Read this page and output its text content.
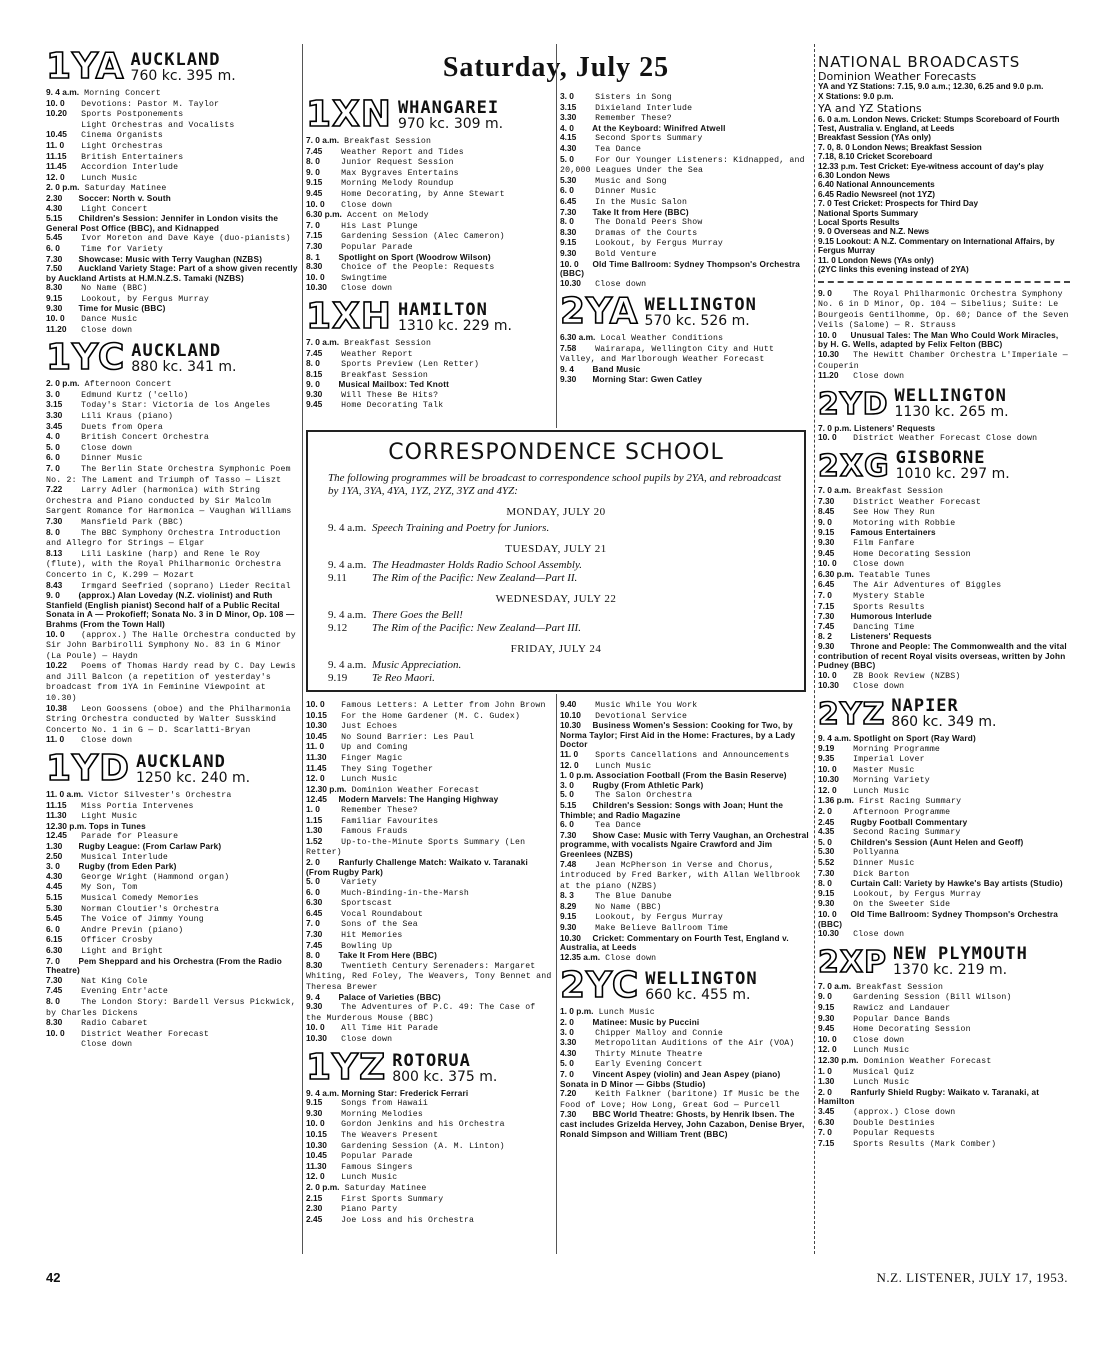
Saturday, July 25
1YA AUCKLAND
760 kc. 395 m.
9. 4 a.m. Morning Concert
10. 0 Devotions: Pastor M. Taylor
10.20 Sports Postponements
Light Orchestras and Vocalists
10.45 Cinema Organists
11. 0 Light Orchestras
11.15 British Entertainers
11.45 Accordion Interlude
12. 0 Lunch Music
2. 0 p.m. Saturday Matinee
2.30 Soccer: North v. South
4.30 Light Concert
5.15 Children's Session: Jennifer in London visits the General Post Office (BBC), and Kidnapped
5.45 Ivor Moreton and Dave Kaye (duo-pianists)
6. 0 Time for Variety
7.30 Showcase: Music with Terry Vaughan (NZBS)
7.50 Auckland Variety Stage: Part of a show given recently by Auckland Artists at H.M.N.Z.S. Tamaki (NZBS)
8.30 No Name (BBC)
9.15 Lookout, by Fergus Murray
9.30 Time for Music (BBC)
10. 0 Dance Music
11.20 Close down
1YC AUCKLAND
880 kc. 341 m.
2. 0 p.m. Afternoon Concert
3. 0 Edmund Kurtz ('cello)
3.15 Today's Star: Victoria de los Angeles
3.30 Lili Kraus (piano)
3.45 Duets from Opera
4. 0 British Concert Orchestra
5. 0 Close down
6. 0 Dinner Music
7. 0 The Berlin State Orchestra Symphonic Poem No. 2: The Lament and Triumph of Tasso — Liszt
7.22 Larry Adler (harmonica) with String Orchestra and Piano conducted by Sir Malcolm Sargent Romance for Harmonica — Vaughan Williams
7.30 Mansfield Park (BBC)
8. 0 The BBC Symphony Orchestra Introduction and Allegro for Strings — Elgar
8.13 Lili Laskine (harp) and Rene le Roy (flute), with the Royal Philharmonic Orchestra Concerto in C, K.299 — Mozart
8.43 Irmgard Seefried (soprano) Lieder Recital
9. 0 (approx.) Alan Loveday (N.Z. violinist) and Ruth Stanfield (English pianist) Second half of a Public Recital Sonata in A — Prokofieff; Sonata No. 3 in D Minor, Op. 108 — Brahms (From the Town Hall)
10. 0 (approx.) The Halle Orchestra conducted by Sir John Barbirolli Symphony No. 83 in G Minor (La Poule) — Haydn
10.22 Poems of Thomas Hardy read by C. Day Lewis and Jill Balcon (a repetition of yesterday's broadcast from 1YA in Feminine Viewpoint at 10.30)
10.38 Leon Goossens (oboe) and the Philharmonia String Orchestra conducted by Walter Susskind Concerto No. 1 in G — D. Scarlatti-Bryan
11. 0 Close down
1YD AUCKLAND
1250 kc. 240 m.
11. 0 a.m. Victor Silvester's Orchestra
11.15 Miss Portia Intervenes
11.30 Light Music
12.30 p.m. Tops in Tunes
12.45 Parade for Pleasure
1.30 Rugby League: (From Carlaw Park)
2.50 Musical Interlude
3. 0 Rugby (from Eden Park)
4.30 George Wright (Hammond organ)
4.45 My Son, Tom
5.15 Musical Comedy Memories
5.30 Norman Cloutier's Orchestra
5.45 The Voice of Jimmy Young
6. 0 Andre Previn (piano)
6.15 Officer Crosby
6.30 Light and Bright
7. 0 Pem Sheppard and his Orchestra (From the Radio Theatre)
7.30 Nat King Cole
7.45 Evening Entr'acte
8. 0 The London Story: Bardell Versus Pickwick, by Charles Dickens
8.30 Radio Cabaret
10. 0 District Weather Forecast
Close down
1XN WHANGAREI
970 kc. 309 m.
7. 0 a.m. Breakfast Session
7.45 Weather Report and Tides
8. 0 Junior Request Session
9. 0 Max Bygraves Entertains
9.15 Morning Melody Roundup
9.45 Home Decorating, by Anne Stewart
10. 0 Close down
6.30 p.m. Accent on Melody
7. 0 His Last Plunge
7.15 Gardening Session (Alec Cameron)
7.30 Popular Parade
8. 1 Spotlight on Sport (Woodrow Wilson)
8.30 Choice of the People: Requests
10. 0 Swingtime
10.30 Close down
1XH HAMILTON
1310 kc. 229 m.
7. 0 a.m. Breakfast Session
7.45 Weather Report
8. 0 Sports Preview (Len Retter)
8.15 Breakfast Session
9. 0 Musical Mailbox: Ted Knott
9.30 Will These Be Hits?
9.45 Home Decorating Talk
3. 0 Sisters in Song
3.15 Dixieland Interlude
3.30 Remember These?
4. 0 At the Keyboard: Winifred Atwell
4.15 Second Sports Summary
4.30 Tea Dance
5. 0 For Our Younger Listeners: Kidnapped, and 20,000 Leagues Under the Sea
5.30 Music and Song
6. 0 Dinner Music
6.45 In the Music Salon
7.30 Take It from Here (BBC)
8. 0 The Donald Peers Show
8.30 Dramas of the Courts
9.15 Lookout, by Fergus Murray
9.30 Bold Venture
10. 0 Old Time Ballroom: Sydney Thompson's Orchestra (BBC)
10.30 Close down
2YA WELLINGTON
570 kc. 526 m.
6.30 a.m. Local Weather Conditions
7.58 Wairarapa, Wellington City and Hutt Valley, and Marlborough Weather Forecast
9. 4 Band Music
9.30 Morning Star: Gwen Catley
CORRESPONDENCE SCHOOL

The following programmes will be broadcast to correspondence school pupils by 2YA, and rebroadcast by 1YA, 3YA, 4YA, 1YZ, 2YZ, 3YZ and 4YZ:

MONDAY, JULY 20

9. 4 a.m. Speech Training and Poetry for Juniors.

TUESDAY, JULY 21

9. 4 a.m. The Headmaster Holds Radio School Assembly.

9.11 The Rim of the Pacific: New Zealand—Part II.

WEDNESDAY, JULY 22

9. 4 a.m. There Goes the Bell!

9.12 The Rim of the Pacific: New Zealand—Part III.

FRIDAY, JULY 24

9. 4 a.m. Music Appreciation.

9.19 Te Reo Maori.

10. 0 Famous Letters: A Letter from John Brown
10.15 For the Home Gardener (M. C. Gudex)
10.30 Just Echoes
10.45 No Sound Barrier: Les Paul
11. 0 Up and Coming
11.30 Finger Magic
11.45 They Sing Together
12. 0 Lunch Music
12.30 p.m. Dominion Weather Forecast
12.45 Modern Marvels: The Hanging Highway
1. 0 Remember These?
1.15 Familiar Favourites
1.30 Famous Frauds
1.52 Up-to-the-Minute Sports Summary (Len Retter)
2. 0 Ranfurly Challenge Match: Waikato v. Taranaki (From Rugby Park)
5. 0 Variety
6. 0 Much-Binding-in-the-Marsh
6.30 Sportscast
6.45 Vocal Roundabout
7. 0 Sons of the Sea
7.30 Hit Memories
7.45 Bowling Up
8. 0 Take It From Here (BBC)
8.30 Twentieth Century Serenaders: Margaret Whiting, Red Foley, The Weavers, Tony Bennet and Theresa Brewer
9. 4 Palace of Varieties (BBC)
9.30 The Adventures of P.C. 49: The Case of the Murderous Mouse (BBC)
10. 0 All Time Hit Parade
10.30 Close down
1YZ ROTORUA
800 kc. 375 m.
9. 4 a.m. Morning Star: Frederick Ferrari
9.15 Songs from Hawaii
9.30 Morning Melodies
10. 0 Gordon Jenkins and his Orchestra
10.15 The Weavers Present
10.30 Gardening Session (A. M. Linton)
10.45 Popular Parade
11.30 Famous Singers
12. 0 Lunch Music
2. 0 p.m. Saturday Matinee
2.15 First Sports Summary
2.30 Piano Party
2.45 Joe Loss and his Orchestra
9.40 Music While You Work
10.10 Devotional Service
10.30 Business Women's Session: Cooking for Two, by Norma Taylor; First Aid in the Home: Fractures, by a Lady Doctor
11. 0 Sports Cancellations and Announcements
12. 0 Lunch Music
1. 0 p.m. Association Football (From the Basin Reserve)
3. 0 Rugby (From Athletic Park)
5. 0 The Salon Orchestra
5.15 Children's Session: Songs with Joan; Hunt the Thimble; and Radio Magazine
6. 0 Tea Dance
7.30 Show Case: Music with Terry Vaughan, an Orchestral programme, with vocalists Ngaire Crawford and Jim Greenlees (NZBS)
7.48 Jean McPherson in Verse and Chorus, introduced by Fred Barker, with Allan Wellbrook at the piano (NZBS)
8. 3 The Blue Danube
8.29 No Name (BBC)
9.15 Lookout, by Fergus Murray
9.30 Make Believe Ballroom Time
10.30 Cricket: Commentary on Fourth Test, England v. Australia, at Leeds
12.35 a.m. Close down
2YC WELLINGTON
660 kc. 455 m.
1. 0 p.m. Lunch Music
2. 0 Matinee: Music by Puccini
3. 0 Chipper Malloy and Connie
3.30 Metropolitan Auditions of the Air (VOA)
4.30 Thirty Minute Theatre
5. 0 Early Evening Concert
7. 0 Vincent Aspey (violin) and Jean Aspey (piano) Sonata in D Minor — Gibbs (Studio)
7.20 Keith Falkner (baritone) If Music be the Food of Love; How Long, Great God — Purcell
7.30 BBC World Theatre: Ghosts, by Henrik Ibsen. The cast includes Grizelda Hervey, John Cazabon, Denise Bryer, Ronald Simpson and William Trent (BBC)
NATIONAL BROADCASTS
Dominion Weather Forecasts

YA and YZ Stations: 7.15, 9.0 a.m.; 12.30, 6.25 and 9.0 p.m.

X Stations: 9.0 p.m.

YA and YZ Stations

6. 0 a.m. London News. Cricket: Stumps Scoreboard of Fourth Test, Australia v. England, at Leeds

Breakfast Session (YAs only)

7. 0, 8. 0 London News; Breakfast Session

7.18, 8.10 Cricket Scoreboard

12.33 p.m. Test Cricket: Eye-witness account of day's play

6.30 London News

6.40 National Announcements

6.45 Radio Newsreel (not 1YZ)

7. 0 Test Cricket: Prospects for Third Day

National Sports Summary

Local Sports Results

9. 0 Overseas and N.Z. News

9.15 Lookout: A N.Z. Commentary on International Affairs, by Fergus Murray

11. 0 London News (YAs only)

(2YC links this evening instead of 2YA)

9. 0 The Royal Philharmonic Orchestra Symphony No. 6 in D Minor, Op. 104 — Sibelius; Suite: Le Bourgeois Gentilhomme, Op. 60; Dance of the Seven Veils (Salome) — R. Strauss
10. 0 Unusual Tales: The Man Who Could Work Miracles, by H. G. Wells, adapted by Felix Felton (BBC)
10.30 The Hewitt Chamber Orchestra L'Imperiale — Couperin
11.20 Close down
2YD WELLINGTON
1130 kc. 265 m.
7. 0 p.m. Listeners' Requests
10. 0 District Weather Forecast Close down
2XG GISBORNE
1010 kc. 297 m.
7. 0 a.m. Breakfast Session
7.30 District Weather Forecast
8.45 See How They Run
9. 0 Motoring with Robbie
9.15 Famous Entertainers
9.30 Film Fanfare
9.45 Home Decorating Session
10. 0 Close down
6.30 p.m. Teatable Tunes
6.45 The Air Adventures of Biggles
7. 0 Mystery Stable
7.15 Sports Results
7.30 Humorous Interlude
7.45 Dancing Time
8. 2 Listeners' Requests
9.30 Throne and People: The Commonwealth and the vital contribution of recent Royal visits overseas, written by John Pudney (BBC)
10. 0 ZB Book Review (NZBS)
10.30 Close down
2YZ NAPIER
860 kc. 349 m.
9. 4 a.m. Spotlight on Sport (Ray Ward)
9.19 Morning Programme
9.35 Imperial Lover
10. 0 Master Music
10.30 Morning Variety
12. 0 Lunch Music
1.36 p.m. First Racing Summary
2. 0 Afternoon Programme
2.45 Rugby Football Commentary
4.35 Second Racing Summary
5. 0 Children's Session (Aunt Helen and Geoff)
5.30 Pollyanna
5.52 Dinner Music
7.30 Dick Barton
8. 0 Curtain Call: Variety by Hawke's Bay artists (Studio)
9.15 Lookout, by Fergus Murray
9.30 On the Sweeter Side
10. 0 Old Time Ballroom: Sydney Thompson's Orchestra (BBC)
10.30 Close down
2XP NEW PLYMOUTH
1370 kc. 219 m.
7. 0 a.m. Breakfast Session
9. 0 Gardening Session (Bill Wilson)
9.15 Rawicz and Landauer
9.30 Popular Dance Bands
9.45 Home Decorating Session
10. 0 Close down
12. 0 Lunch Music
12.30 p.m. Dominion Weather Forecast
1. 0 Musical Quiz
1.30 Lunch Music
2. 0 Ranfurly Shield Rugby: Waikato v. Taranaki, at Hamilton
3.45 (approx.) Close down
6.30 Double Destinies
7. 0 Popular Requests
7.15 Sports Results (Mark Comber)
42	N.Z. LISTENER, JULY 17, 1953.
